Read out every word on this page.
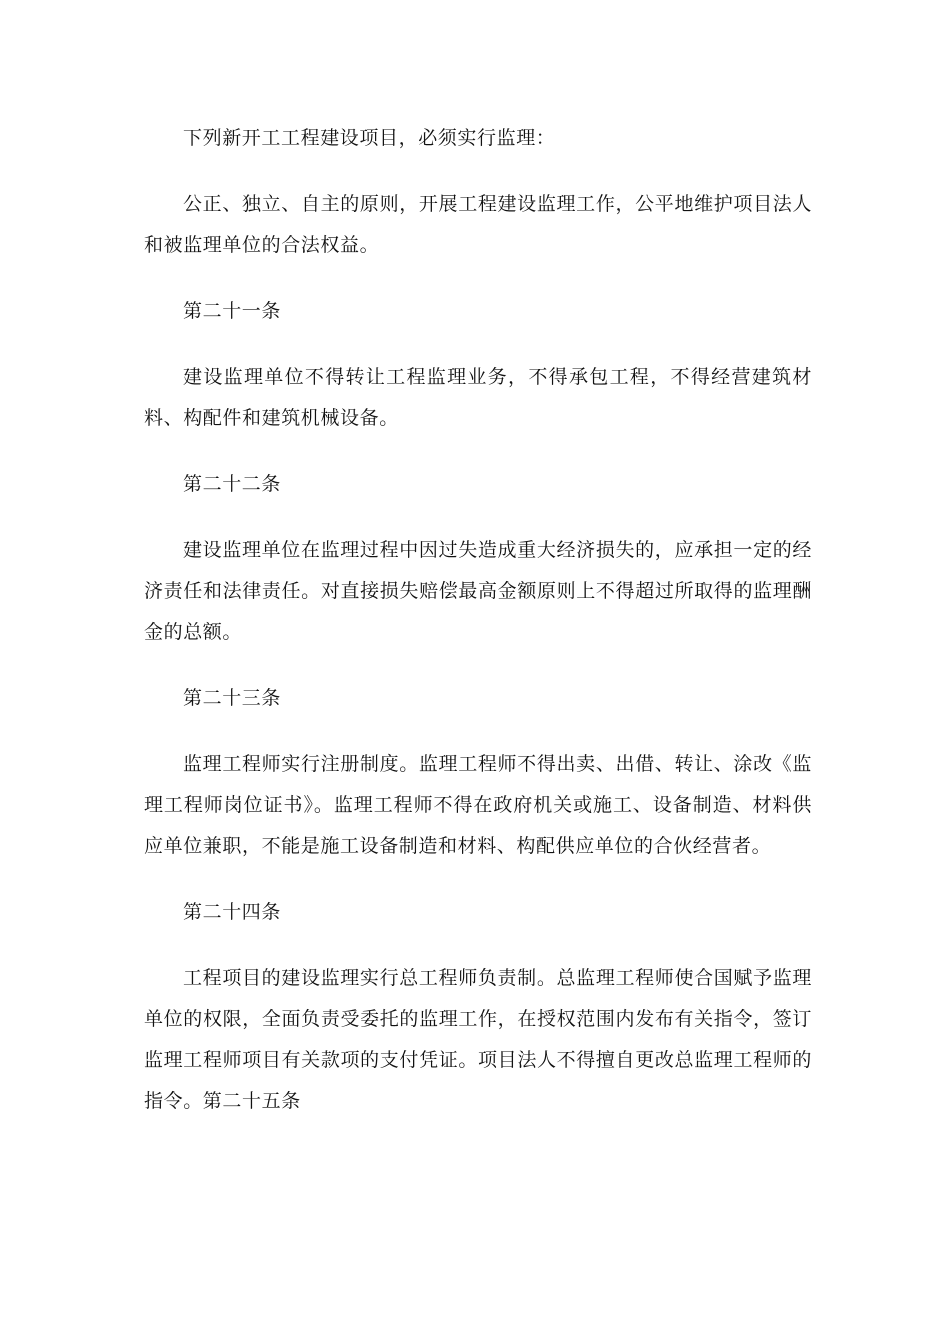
下列新开工工程建设项目，必须实行监理：

公正、独立、自主的原则，开展工程建设监理工作，公平地维护项目法人和被监理单位的合法权益。

第二十一条

建设监理单位不得转让工程监理业务，不得承包工程，不得经营建筑材料、构配件和建筑机械设备。

第二十二条

建设监理单位在监理过程中因过失造成重大经济损失的，应承担一定的经济责任和法律责任。对直接损失赔偿最高金额原则上不得超过所取得的监理酬金的总额。

第二十三条

监理工程师实行注册制度。监理工程师不得出卖、出借、转让、涂改《监理工程师岗位证书》。监理工程师不得在政府机关或施工、设备制造、材料供应单位兼职，不能是施工设备制造和材料、构配供应单位的合伙经营者。

第二十四条

工程项目的建设监理实行总工程师负责制。总监理工程师使合国赋予监理单位的权限，全面负责受委托的监理工作，在授权范围内发布有关指令，签订监理工程师项目有关款项的支付凭证。项目法人不得擅自更改总监理工程师的指令。第二十五条
